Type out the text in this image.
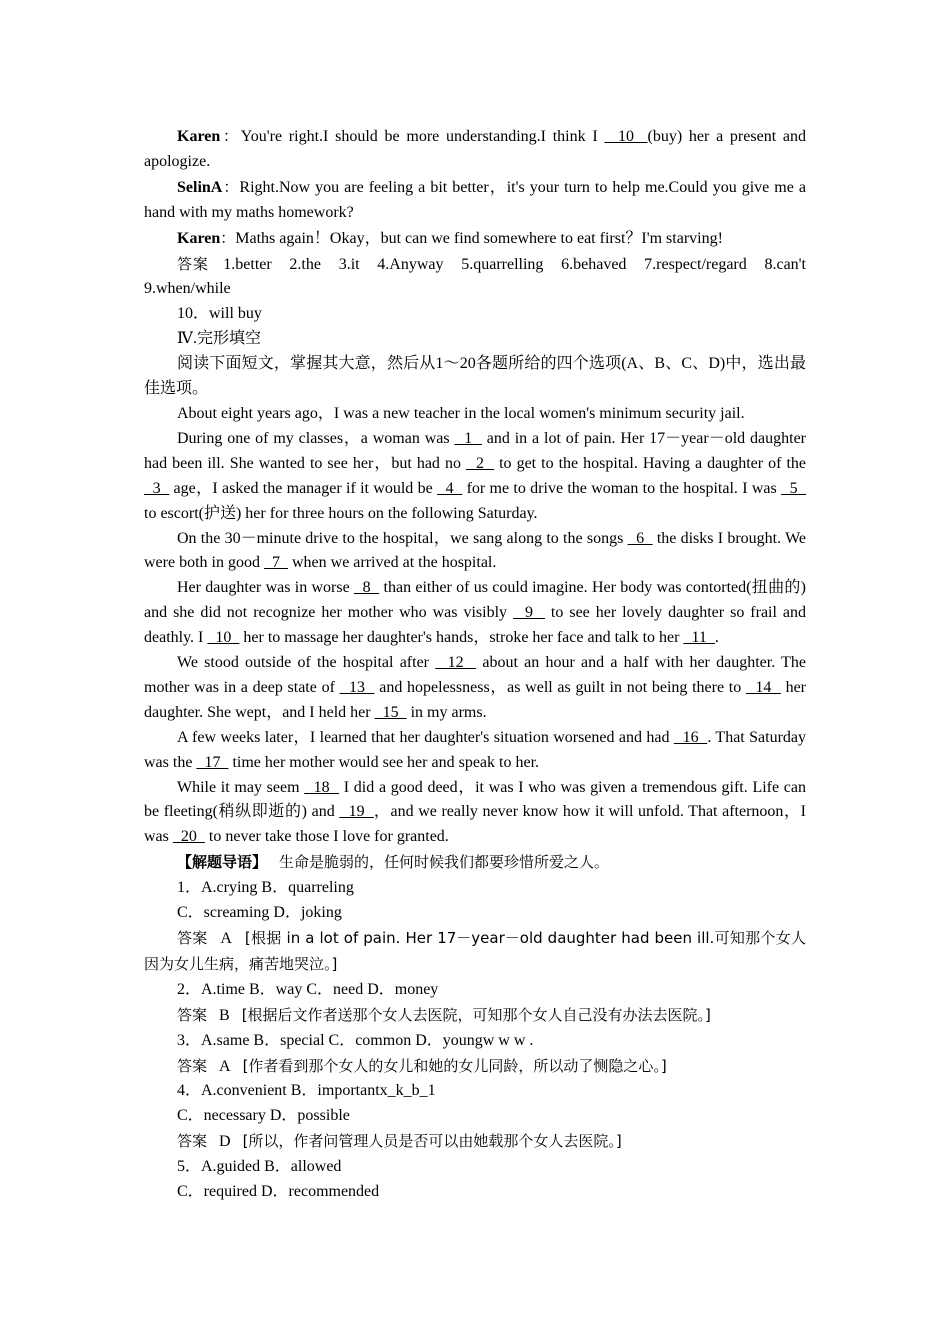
Karen：You're right.I should be more understanding.I think I   10  (buy) her a present and apologize.

SelinA：Right.Now you are feeling a bit better，it's your turn to help me.Could you give me a hand with my maths homework?

Karen：Maths again！Okay，but can we find somewhere to eat first？I'm starving!

答案 1.better　2.the　3.it　4.Anyway　5.quarrelling　6.behaved　7.respect/regard　8.can't　9.when/while

10．will buy

Ⅳ.完形填空

阅读下面短文，掌握其大意，然后从1～20各题所给的四个选项(A、B、C、D)中，选出最佳选项。

About eight years ago，I was a new teacher in the local women's minimum security jail.

During one of my classes，a woman was   1   and in a lot of pain. Her 17－year－old daughter had been ill. She wanted to see her，but had no   2   to get to the hospital. Having a daughter of the   3   age，I asked the manager if it would be   4   for me to drive the woman to the hospital. I was   5   to escort(护送) her for three hours on the following Saturday.

On the 30－minute drive to the hospital，we sang along to the songs   6   the disks I brought. We were both in good   7   when we arrived at the hospital.

Her daughter was in worse   8   than either of us could imagine. Her body was contorted(扭曲的) and she did not recognize her mother who was visibly   9   to see her lovely daughter so frail and deathly. I   10   her to massage her daughter's hands，stroke her face and talk to her   11  .

We stood outside of the hospital after   12   about an hour and a half with her daughter. The mother was in a deep state of   13   and hopelessness，as well as guilt in not being there to   14   her daughter. She wept，and I held her   15   in my arms.

A few weeks later，I learned that her daughter's situation worsened and had   16  . That Saturday was the   17   time her mother would see her and speak to her.

While it may seem   18   I did a good deed，it was I who was given a tremendous gift. Life can be fleeting(稍纵即逝的) and   19  ，and we really never know how it will unfold. That afternoon，I was   20   to never take those I love for granted.

【解题导语】 生命是脆弱的，任何时候我们都要珍惜所爱之人。

1．A.crying B．quarreling

C．screaming D．joking

答案 A [根据 in a lot of pain. Her 17－year－old daughter had been ill.可知那个女人因为女儿生病，痛苦地哭泣。]

2．A.time B．way C．need D．money

答案 B [根据后文作者送那个女人去医院，可知那个女人自己没有办法去医院。]

3．A.same B．special C．common D．youngw w w .

答案 A [作者看到那个女人的女儿和她的女儿同龄，所以动了恻隐之心。]

4．A.convenient B．importantx_k_b_1

C．necessary D．possible

答案 D [所以，作者问管理人员是否可以由她载那个女人去医院。]

5．A.guided B．allowed

C．required D．recommended
